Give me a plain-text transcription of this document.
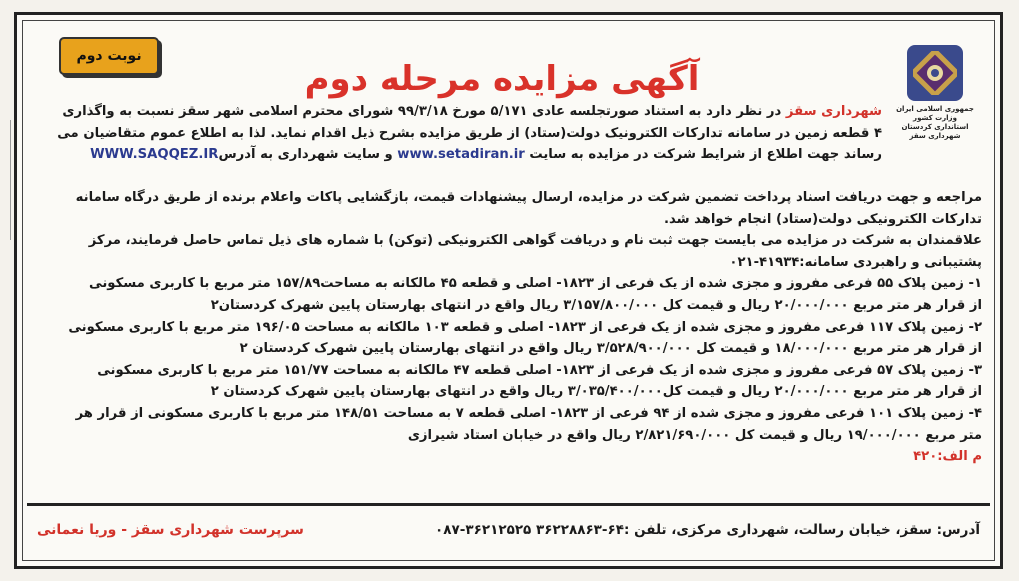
نوبت دوم
آگهی مزایده مرحله دوم
جمهوری اسلامی ایران
وزارت کشور
استانداری کردستان
شهرداری سقز
شهرداری سقز در نظر دارد به استناد صورتجلسه عادی ۵/۱۷۱ مورخ ۹۹/۳/۱۸ شورای محترم اسلامی شهر سقز نسبت به واگذاری
۴ قطعه زمین در سامانه تدارکات الکترونیک دولت(ستاد) از طریق مزایده بشرح ذیل اقدام نماید. لذا به اطلاع عموم متقاضیان می
رساند جهت اطلاع از شرایط شرکت در مزایده به سایت www.setadiran.ir و سایت شهرداری به آدرسWWW.SAQQEZ.IR
مراجعه و جهت دریافت اسناد پرداخت تضمین شرکت در مزایده، ارسال پیشنهادات قیمت، بازگشایی پاکات واعلام برنده از طریق درگاه سامانه
تدارکات الکترونیکی دولت(ستاد) انجام خواهد شد.
علاقمندان به شرکت در مزایده می بایست جهت ثبت نام و دریافت گواهی الکترونیکی (توکن) با شماره های ذیل تماس حاصل فرمایند، مرکز
پشتیبانی و راهبردی سامانه:۴۱۹۳۴-۰۲۱
۱- زمین پلاک ۵۵ فرعی مفروز و مجزی شده از یک فرعی از ۱۸۲۳- اصلی و قطعه ۴۵ مالکانه به مساحت۱۵۷/۸۹ متر مربع با کاربری مسکونی
از قرار هر متر مربع ۲۰/۰۰۰/۰۰۰ ریال و قیمت کل ۳/۱۵۷/۸۰۰/۰۰۰ ریال واقع در انتهای بهارستان پایین شهرک کردستان۲
۲- زمین پلاک ۱۱۷ فرعی مفروز و مجزی شده از یک فرعی از ۱۸۲۳- اصلی و قطعه ۱۰۳ مالکانه به مساحت ۱۹۶/۰۵ متر مربع با کاربری مسکونی
از قرار هر متر مربع ۱۸/۰۰۰/۰۰۰ و قیمت کل ۳/۵۲۸/۹۰۰/۰۰۰ ریال واقع در انتهای بهارستان پایین شهرک کردستان ۲
۳- زمین پلاک ۵۷ فرعی مفروز و مجزی شده از یک فرعی از ۱۸۲۳- اصلی قطعه ۴۷ مالکانه به مساحت ۱۵۱/۷۷ متر مربع با کاربری مسکونی
از قرار هر متر مربع ۲۰/۰۰۰/۰۰۰ ریال و قیمت کل۳/۰۳۵/۴۰۰/۰۰۰ ریال واقع در انتهای بهارستان پایین شهرک کردستان ۲
۴- زمین پلاک ۱۰۱ فرعی مفروز و مجزی شده از ۹۴ فرعی از ۱۸۲۳- اصلی قطعه ۷ به مساحت ۱۴۸/۵۱ متر مربع با کاربری مسکونی از قرار هر
متر مربع ۱۹/۰۰۰/۰۰۰ ریال و قیمت کل ۲/۸۲۱/۶۹۰/۰۰۰ ریال واقع در خیابان استاد شیرازی
م الف:۴۲۰
آدرس: سقز، خیابان رسالت، شهرداری مرکزی، تلفن :۶۴-۳۶۲۲۸۸۶۳ ۳۶۲۱۲۵۲۵-۰۸۷
سرپرست شهرداری سقز - وریا نعمانی
